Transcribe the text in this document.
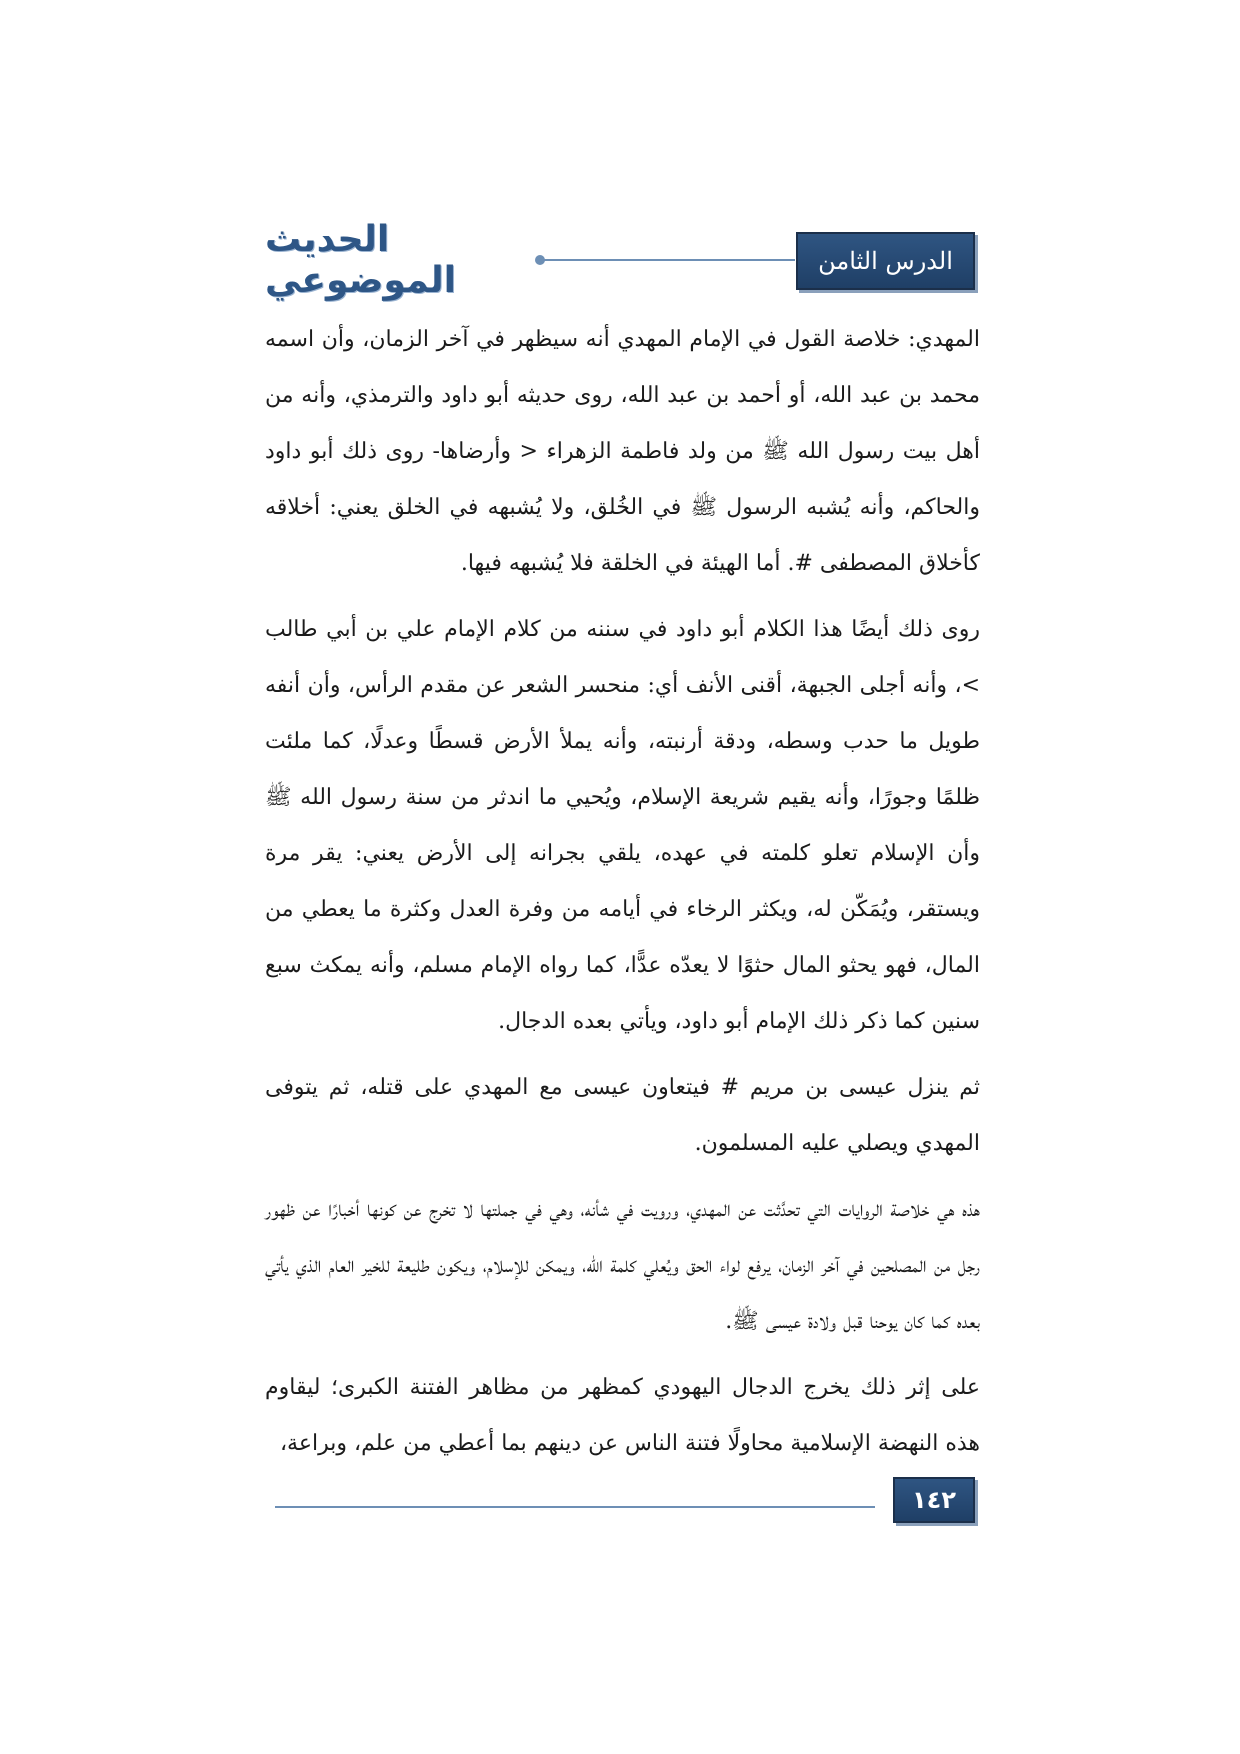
الحديث الموضوعي	الدرس الثامن

المهدي: خلاصة القول في الإمام المهدي أنه سيظهر في آخر الزمان، وأن اسمه محمد بن عبد الله، أو أحمد بن عبد الله، روى حديثه أبو داود والترمذي، وأنه من أهل بيت رسول الله ﷺ من ولد فاطمة الزهراء < وأرضاها- روى ذلك أبو داود والحاكم، وأنه يُشبه الرسول ﷺ في الخُلق، ولا يُشبهه في الخلق يعني: أخلاقه كأخلاق المصطفى #. أما الهيئة في الخلقة فلا يُشبهه فيها.

روى ذلك أيضًا هذا الكلام أبو داود في سننه من كلام الإمام علي بن أبي طالب >، وأنه أجلى الجبهة، أقنى الأنف أي: منحسر الشعر عن مقدم الرأس، وأن أنفه طويل ما حدب وسطه، ودقة أرنبته، وأنه يملأ الأرض قسطًا وعدلًا، كما ملئت ظلمًا وجورًا، وأنه يقيم شريعة الإسلام، ويُحيي ما اندثر من سنة رسول الله ﷺ وأن الإسلام تعلو كلمته في عهده، يلقي بجرانه إلى الأرض يعني: يقر مرة ويستقر، ويُمَكّن له، ويكثر الرخاء في أيامه من وفرة العدل وكثرة ما يعطي من المال، فهو يحثو المال حثوًا لا يعدّه عدًّا، كما رواه الإمام مسلم، وأنه يمكث سبع سنين كما ذكر ذلك الإمام أبو داود، ويأتي بعده الدجال.

ثم ينزل عيسى بن مريم # فيتعاون عيسى مع المهدي على قتله، ثم يتوفى المهدي ويصلي عليه المسلمون.

هذه هي خلاصة الروايات التي تحدَّثت عن المهدي، ورويت في شأنه، وهي في جملتها لا تخرج عن كونها أخبارًا عن ظهور رجل من المصلحين في آخر الزمان، يرفع لواء الحق ويُعلي كلمة الله، ويمكن للإسلام، ويكون طليعة للخير العام الذي يأتي بعده كما كان يوحنا قبل ولادة عيسى ﷺ.

على إثر ذلك يخرج الدجال اليهودي كمظهر من مظاهر الفتنة الكبرى؛ ليقاوم هذه النهضة الإسلامية محاولًا فتنة الناس عن دينهم بما أعطي من علم، وبراعة،

١٤٢
